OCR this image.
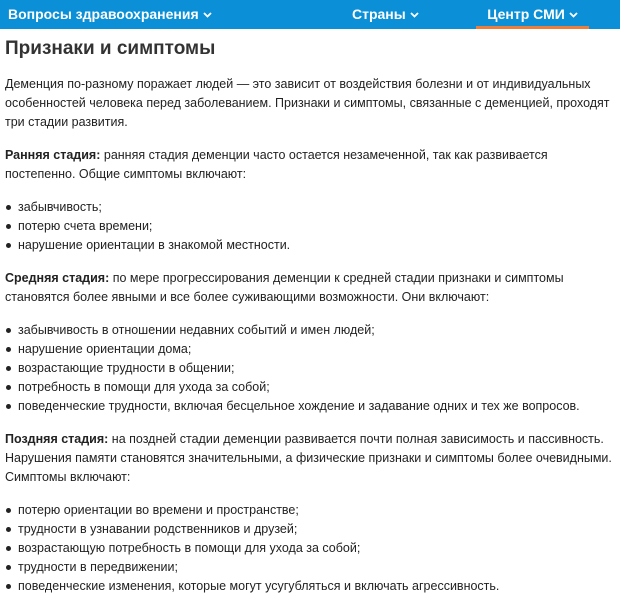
Вопросы здравоохранения	Страны	Центр СМИ
Признаки и симптомы

Деменция по-разному поражает людей — это зависит от воздействия болезни и от индивидуальных особенностей человека перед заболеванием. Признаки и симптомы, связанные с деменцией, проходят три стадии развития.

Ранняя стадия: ранняя стадия деменции часто остается незамеченной, так как развивается постепенно. Общие симптомы включают:

забывчивость;
потерю счета времени;
нарушение ориентации в знакомой местности.

Средняя стадия: по мере прогрессирования деменции к средней стадии признаки и симптомы становятся более явными и все более суживающими возможности. Они включают:

забывчивость в отношении недавних событий и имен людей;
нарушение ориентации дома;
возрастающие трудности в общении;
потребность в помощи для ухода за собой;
поведенческие трудности, включая бесцельное хождение и задавание одних и тех же вопросов.

Поздняя стадия: на поздней стадии деменции развивается почти полная зависимость и пассивность. Нарушения памяти становятся значительными, а физические признаки и симптомы более очевидными. Симптомы включают:

потерю ориентации во времени и пространстве;
трудности в узнавании родственников и друзей;
возрастающую потребность в помощи для ухода за собой;
трудности в передвижении;
поведенческие изменения, которые могут усугубляться и включать агрессивность.
